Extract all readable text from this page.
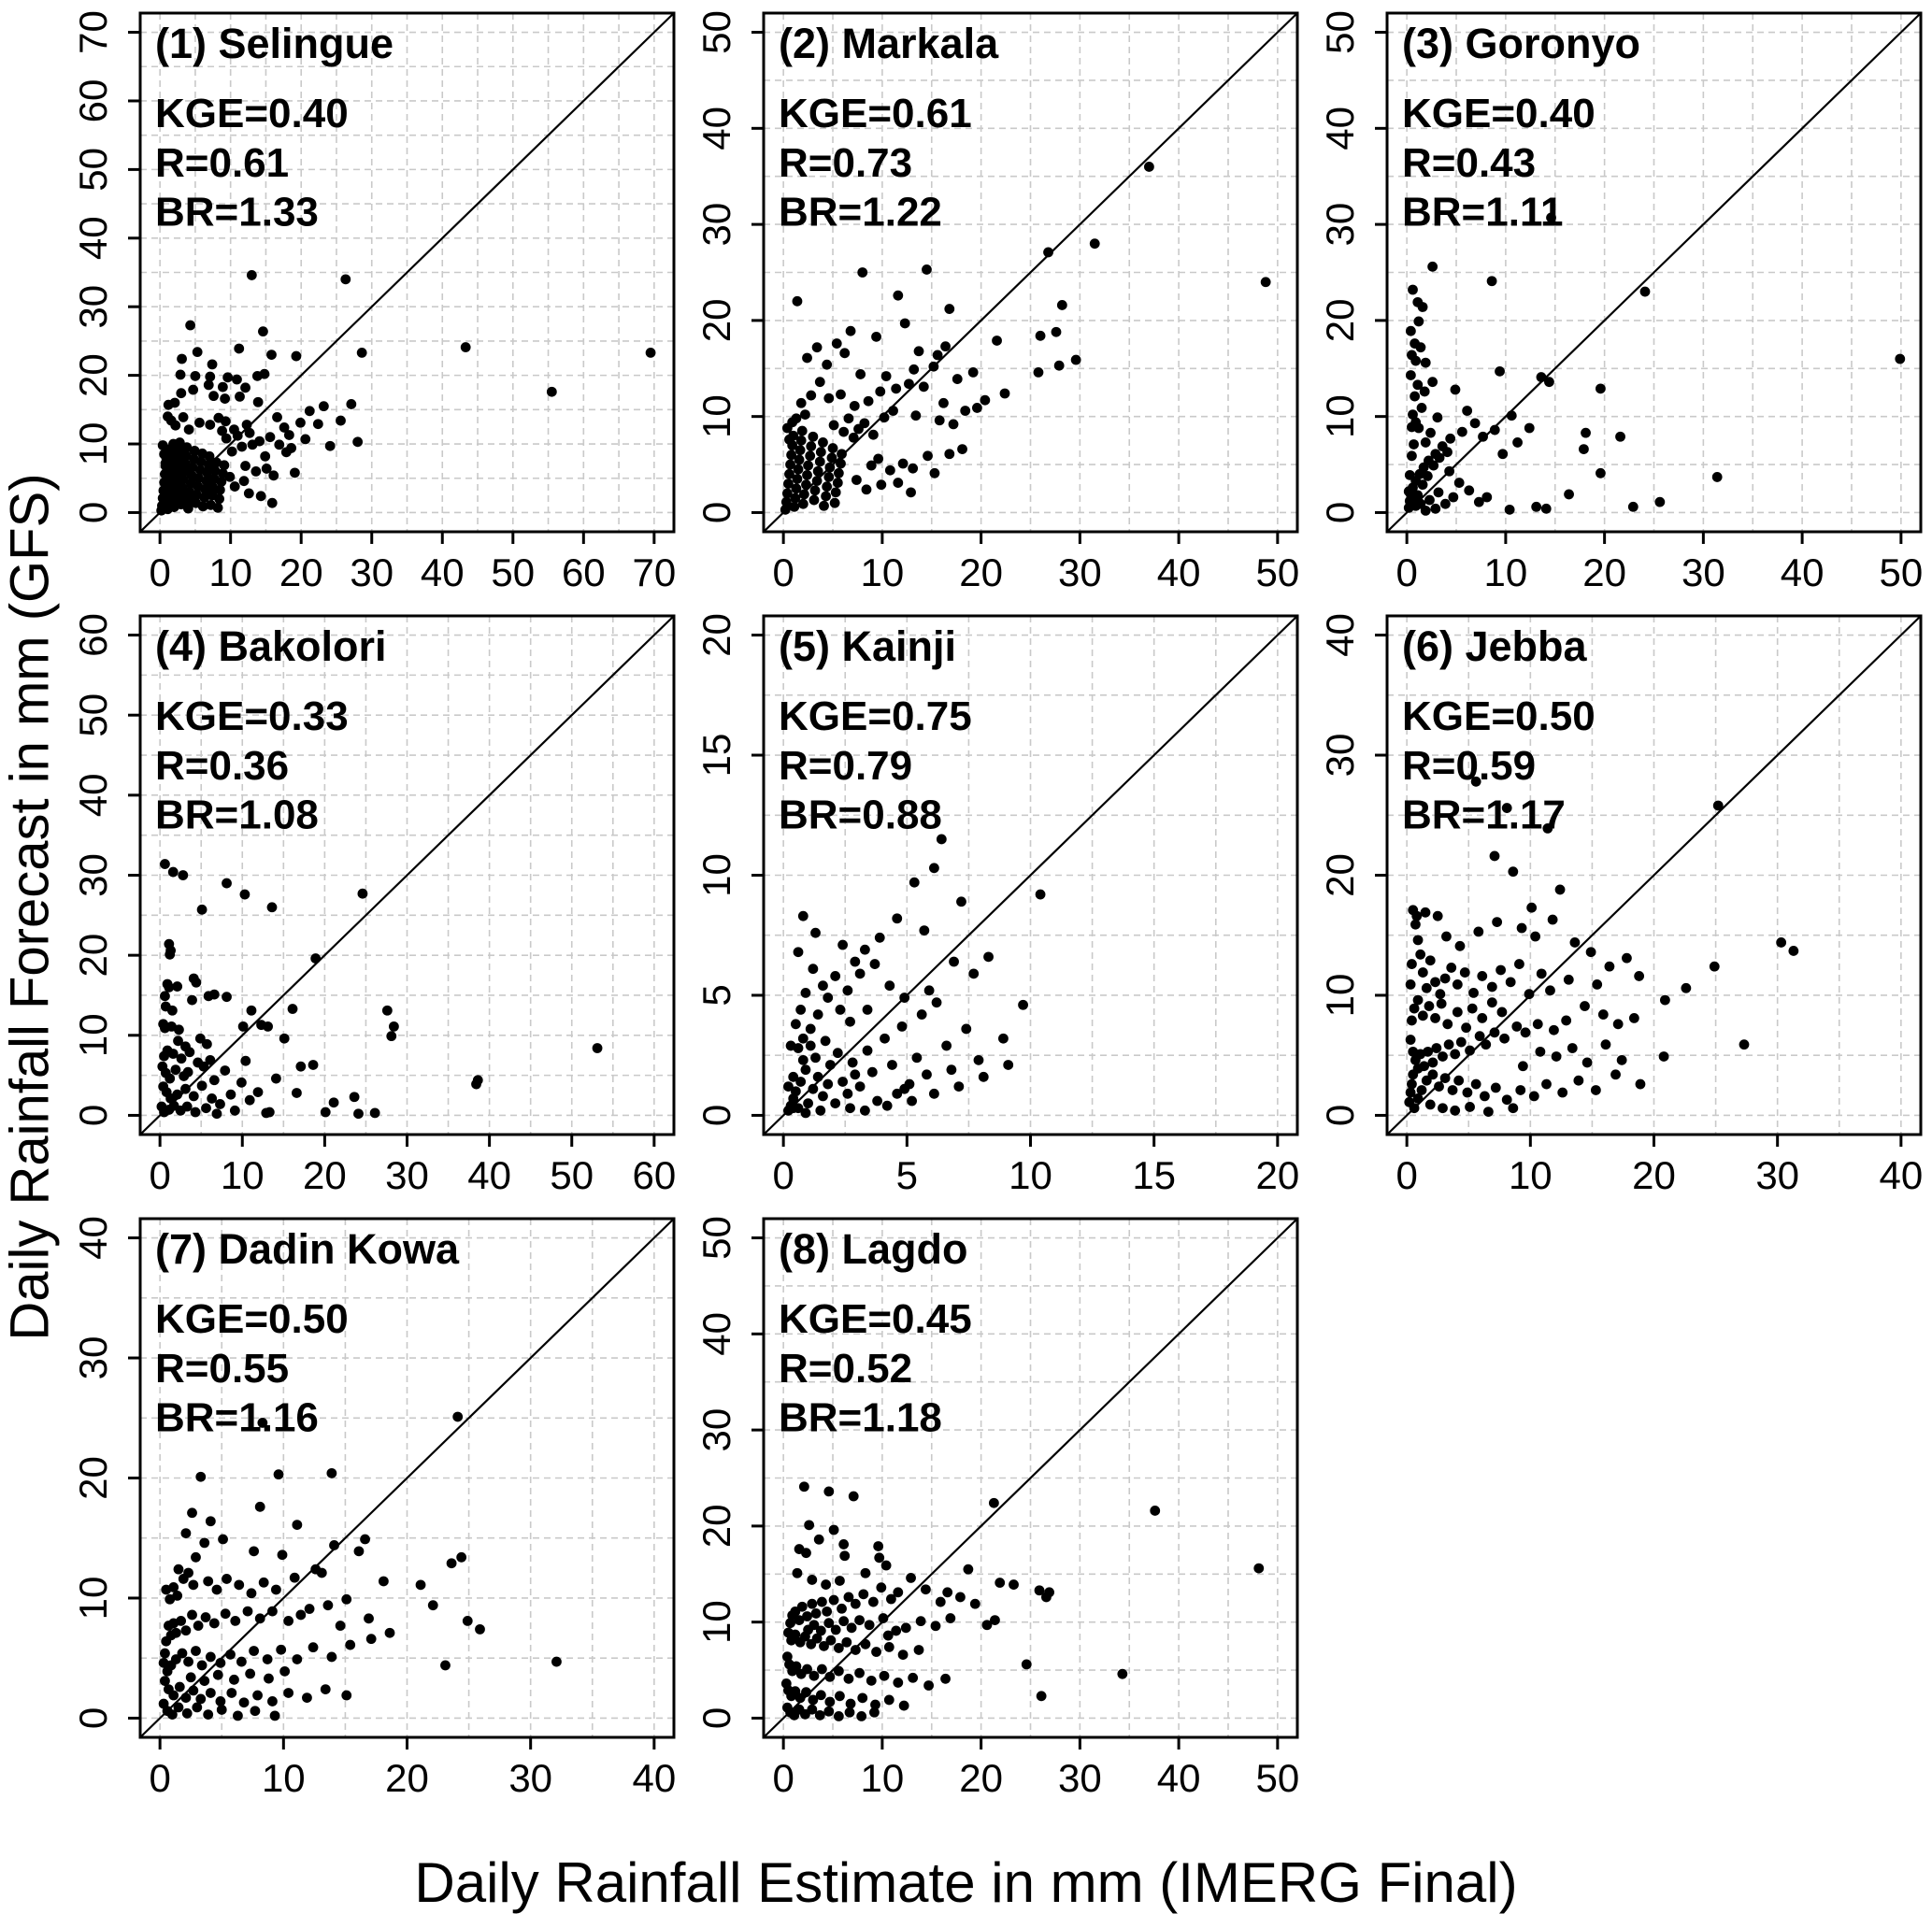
Daily Rainfall Forecast in mm (GFS) 0
0
10
10
20
20
30
30
40
40
50
50
60
60
70
70 (1) Selingue
KGE=0.40
R=0.61
BR=1.33
0
0
10
10
20
20
30
30
40
40
50
50 (2) Markala
KGE=0.61
R=0.73
BR=1.22
0
0
10
10
20
20
30
30
40
40
50
50 (3) Goronyo
KGE=0.40
R=0.43
BR=1.11
0
0
10
10
20
20
30
30
40
40
50
50
60
60 (4) Bakolori
KGE=0.33
R=0.36
BR=1.08
0
0
5
5
10
10
15
15
20
20 (5) Kainji
KGE=0.75
R=0.79
BR=0.88
0
0
10
10
20
20
30
30
40
40 (6) Jebba
KGE=0.50
R=0.59
BR=1.17
0
0
10
10
20
20
30
30
40
40 (7) Dadin Kowa
KGE=0.50
R=0.55
BR=1.16
0
0
10
10
20
20
30
30
40
40
50
50 (8) Lagdo
KGE=0.45
R=0.52
BR=1.18
Daily Rainfall Estimate in mm (IMERG Final)
